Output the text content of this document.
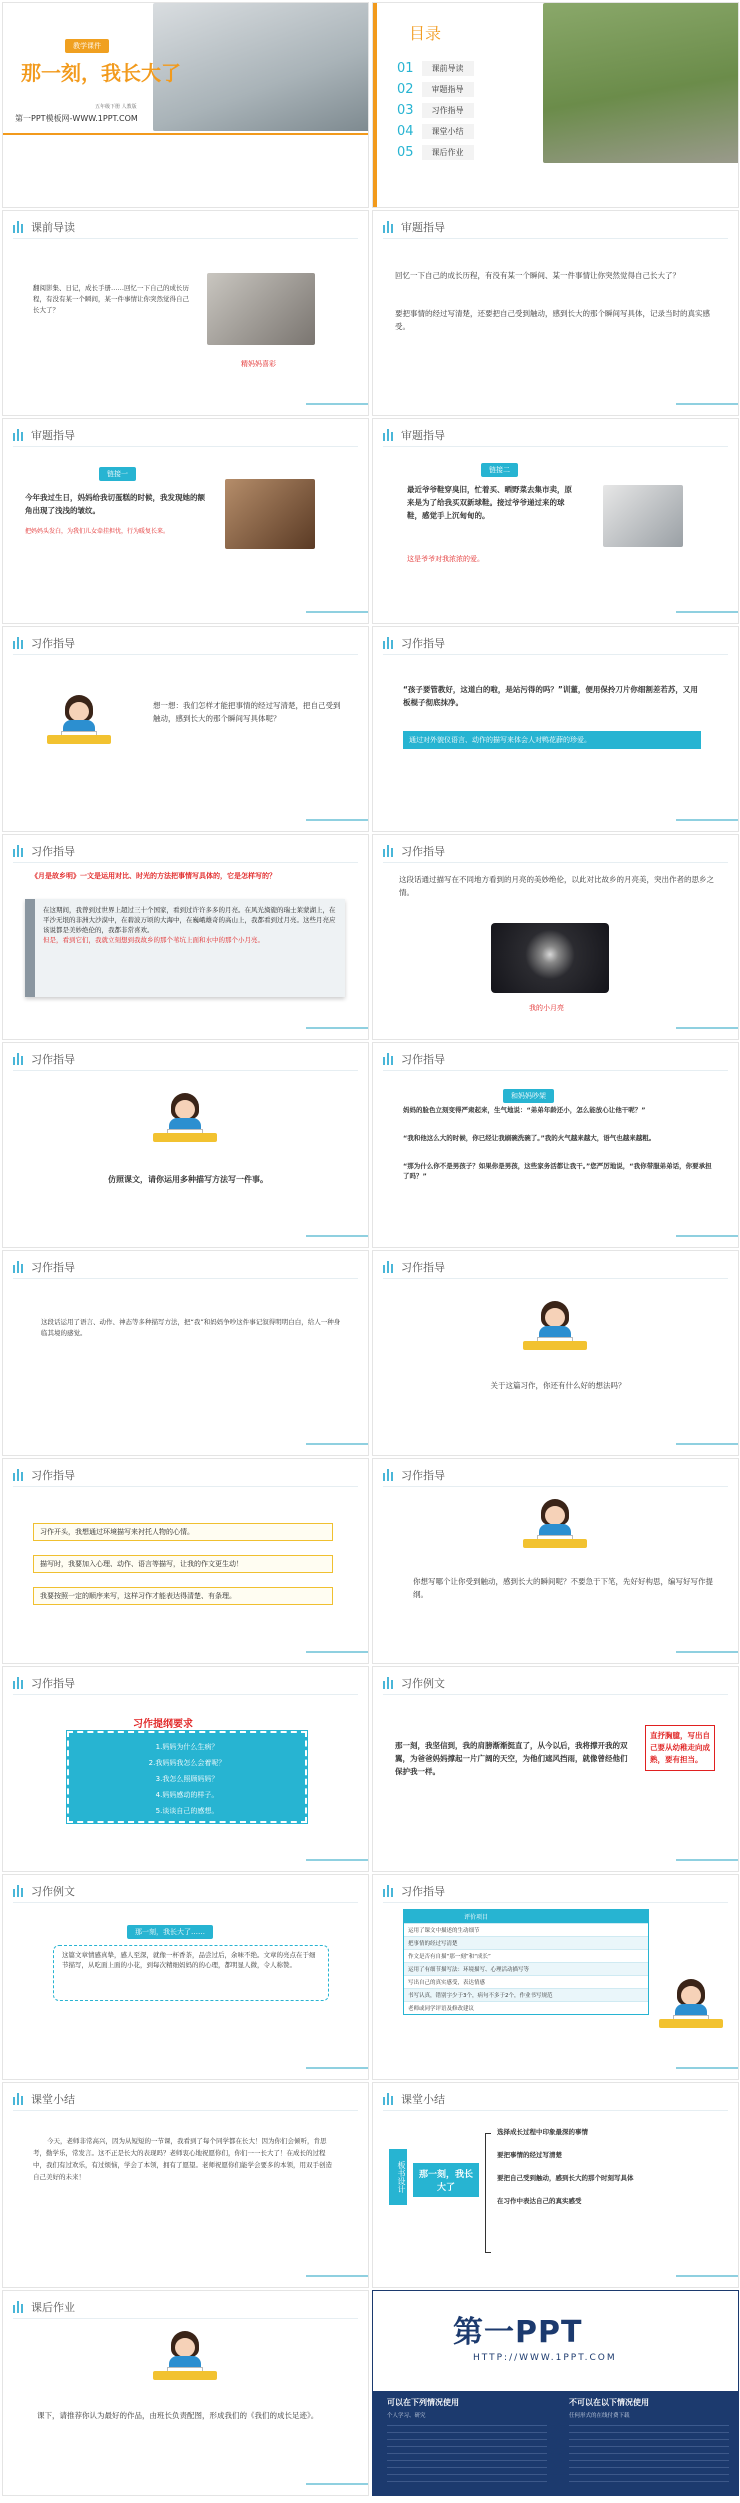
教学课件
那一刻，我长大了
五年级下册 人教版
第一PPT模板网-WWW.1PPT.COM
目录
01	课前导读
02	审题指导
03	习作指导
04	课堂小结
05	课后作业
课前导读
翻阅影集、日记，成长手册……回忆一下自己的成长历程，有没有某一个瞬间，某一件事情让你突然觉得自己长大了？
精妈妈喜彩
审题指导
回忆一下自己的成长历程，有没有某一个瞬间、某一件事情让你突然觉得自己长大了？
要把事情的经过写清楚，还要把自己受到触动，感到长大的那个瞬间写具体，记录当时的真实感受。
审题指导
链接一
今年我过生日，妈妈给我切蛋糕的时候，我发现她的额角出现了浅浅的皱纹。
把妈妈头发白，为我们儿女牵挂担忧，行为暖复长来。
审题指导
链接二
最近爷爷鞋穿臭旧，忙着买、晒野菜去集市卖，原来是为了给我买双新球鞋。接过爷爷递过来的球鞋，感觉手上沉甸甸的。
这是爷爷对我浓浓的爱。
习作指导
想一想：我们怎样才能把事情的经过写清楚，把自己受到触动，感到长大的那个瞬间写具体呢？
习作指导
“孩子要管教好，这道白的啦，是站污得的吗？”训董，便用保拎刀片你细割差若苏，又用板棍子彻底抹净。
通过对外貌仪语言、动作的描写来体会人对鸭花薜的珍爱。
习作指导
《月是故乡明》一文是运用对比、时光的方法把事情写具体的，它是怎样写的？
在这期间，我曾到过世界上超过三十个国家，看到过许许多多的月亮。在风光旖旎的瑞士莱蒙湖上，在平沙无垠的非洲大沙漠中，在碧波万顷的大海中，在巍峨雄奇的高山上，我都看到过月亮。这些月亮应该说都是美妙绝伦的，我都非常喜欢。
但是，看到它们，我就立刻想到我故乡的那个苇坑上面和水中的那个小月亮。
习作指导
这段话通过描写在不同地方看到的月亮的美妙绝伦，以此对比故乡的月亮美，突出作者的思乡之情。
我的小月亮
习作指导
仿照课文，请你运用多种描写方法写一件事。
习作指导
和妈妈吵架
妈妈的脸色立刻变得严肃起来，生气地说：“弟弟年龄还小，怎么能放心让他干呢？”
“我和他这么大的时候，你已经让我刷碗洗碗了。”我的火气越来越大，语气也越来越粗。
“那为什么你不是男孩子？如果你是男孩，这些家务活都让我干。”您严厉地说，“我你带服弟弟话，你要承担了吗？”
习作指导
这段话运用了语言、动作、神态等多种描写方法，把“我”和妈妈争吵这件事记叙得明明白白，给人一种身临其境的感觉。
习作指导
关于这篇习作，你还有什么好的想法吗？
习作指导
习作开头，我想通过环境描写来衬托人物的心情。
描写时，我要加入心理、动作、语言等描写，让我的作文更生动！
我要按照一定的顺序来写，这样习作才能表达得清楚、有条理。
习作指导
你想写哪个让你受到触动，感到长大的瞬间呢？不要急于下笔，先好好构思，编写好写作提纲。
习作指导
习作提纲要求
1.妈妈为什么生病？
2.我妈妈我怎么会着呢？
3.我怎么照顾妈妈？
4.妈妈感动的样子。
5.谈谈自己的感想。
习作例文
那一刻，我坚信到，我的肩膀渐渐挺直了，从今以后，我将撑开我的双翼，为爸爸妈妈撑起一片广阔的天空，为他们遮风挡雨，就像曾经他们保护我一样。
直抒胸臆，写出自己要从幼稚走向成熟，要有担当。
习作例文
那一刻，我长大了……
这篇文章情感真挚，感人至深，就像一杯香茶，品尝过后，余味不绝。文章的亮点在于细节描写，从吃面上面的小花，到每次精细妈妈的的心理，都明显人微，令人称赞。
习作指导
评价项目
运用了课文中描述的生动细节
把事情的经过写清楚
作文是否有自描“那一刻”和“成长”
运用了有细节描写法：环境描写、心理活动描写等
写出自己的真实感受，表达情感
书写认真，错别字少于3个，病句不多于2个，作业书写规范
老师或同学评语及修改建议
课堂小结
今天，老师非常高兴，因为从短短的一节课，我看到了每个同学都在长大！因为你们会倾听，肯思考，勤学乐，常发言。这不正是长大的表现吗？老师衷心地祝愿你们，你们一一长大了！在成长的过程中，我们有过欢乐，有过烦恼，学会了本领，拥有了愿望。老师祝愿你们能学会要多的本领，用双手创造自己美好的未来！
课堂小结
板书设计	那一刻，我长大了
选择成长过程中印象最深的事情
要把事情的经过写清楚
要把自己受到触动，感到长大的那个时刻写具体
在习作中表达自己的真实感受
课后作业
课下，请推荐你认为最好的作品，由班长负责配图，形成我们的《我们的成长足迹》。
第一PPT
HTTP://WWW.1PPT.COM
可以在下列情况使用	不可以在以下情况使用
个人学习、研究	任何形式的在线付费下载
